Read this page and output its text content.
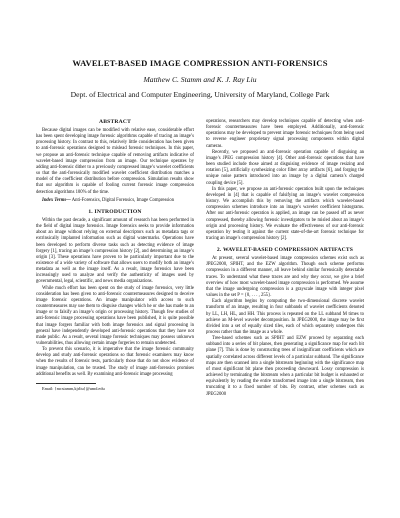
WAVELET-BASED IMAGE COMPRESSION ANTI-FORENSICS
Matthew C. Stamm and K. J. Ray Liu
Dept. of Electrical and Computer Engineering, University of Maryland, College Park
ABSTRACT

Because digital images can be modified with relative ease, considerable effort has been spent developing image forensic algorithms capable of tracing an image’s processing history. In contrast to this, relatively little consideration has been given to anti-forensic operations designed to mislead forensic techniques. In this paper, we propose an anti-forensic technique capable of removing artifacts indicative of wavelet-based image compression from an image. Our technique operates by adding anti-forensic dither to a previously compressed image’s wavelet coefficients so that the anti-forensically modified wavelet coefficient distribution matches a model of the coefficient distribution before compression. Simulation results show that our algorithm is capable of fooling current forensic image compression detection algorithms 100% of the time.

Index Terms— Anti-Forensics, Digital Forensics, Image Compression

1. INTRODUCTION

Within the past decade, a significant amount of research has been performed in the field of digital image forensics. Image forensics seeks to provide information about an image without relying on external descriptors such as metadata tags or extrinsically implanted information such as digital watermarks. Operations have been developed to perform diverse tasks such as detecting evidence of image forgery [1], tracing an image’s compression history [2], and determining an image’s origin [3]. These operations have proven to be particularly important due to the existence of a wide variety of software that allows users to modify both an image’s metadata as well as the image itself. As a result, image forensics have been increasingly used to analyze and verify the authenticity of images used by governmental, legal, scientific, and news media organizations.

While much effort has been spent on the study of image forensics, very little consideration has been given to anti-forensic countermeasures designed to deceive image forensic operations. An image manipulator with access to such countermeasures may use them to disguise changes which he or she has made to an image or to falsify an image’s origin or processing history. Though few studies of anti-forensic image processing operations have been published, it is quite possible that image forgers familiar with both image forensics and signal processing in general have independently developed anti-forensic operations that they have not made public. As a result, several image forensic techniques may possess unknown vulnerabilities, thus allowing certain image forgeries to remain undetected.

To prevent this scenario, it is imperative that the image forensic community develop and study anti-forensic operations so that forensic examiners may know when the results of forensic tests, particularly those that do not show evidence of image manipulation, can be trusted. The study of image anti-forensics promises additional benefits as well. By examining anti-forensic image processing

Email: {mcstamm,kjrliu}@umd.edu

operations, researchers may develop techniques capable of detecting when anti-forensic countermeasures have been employed. Additionally, anti-forensic operations may be developed to prevent image forensic techniques from being used to reverse engineer proprietary signal processing components within digital cameras.

Recently, we proposed an anti-forensic operation capable of disguising an image’s JPEG compression history [4]. Other anti-forensic operations that have been studied include those aimed at disguising evidence of image resizing and rotation [5], artificially synthesizing color filter array artifacts [6], and forging the unique noise pattern introduced into an image by a digital camera’s charged coupling device [5].

In this paper, we propose an anti-forensic operation built upon the techniques developed in [4] that is capable of falsifying an image’s wavelet compression history. We accomplish this by removing the artifacts which wavelet-based compression schemes introduce into an image’s wavelet coefficient histograms. After our anti-forensic operation is applied, an image can be passed off as never compressed, thereby allowing forensic investigators to be misled about an image’s origin and processing history. We evaluate the effectiveness of our anti-forensic operation by testing it against the current state-of-the-art forensic technique for tracing an image’s compression history [2].

2. WAVELET-BASED COMPRESSION ARTIFACTS

At present, several wavelet-based image compression schemes exist such as JPEG2000, SPIHT, and the EZW algorithm. Though each scheme performs compression in a different manner, all leave behind similar forensically detectable traces. To understand what these traces are and why they occur, we give a brief overview of how most wavelet-based image compression is performed. We assume that the image undergoing compression is a grayscale image with integer pixel values in the set P = {0, . . . , 255}.

Each algorithm begins by computing the two-dimensional discrete wavelet transform of an image, resulting in four subbands of wavelet coefficients denoted by LL, LH, HL, and HH. This process is repeated on the LL subband M times to achieve an M-level wavelet decomposition. In JPEG2000, the image may be first divided into a set of equally sized tiles, each of which separately undergoes this process rather than the image as a whole.

Tree-based schemes such as SPIHT and EZW proceed by separating each subband into a series of bit planes, then generating a significance map for each bit plane [7]. This is done by constructing trees of insignificant coefficients which are spatially correlated across different levels of a particular subband. The significance maps are then scanned into a single bitstream beginning with the significance map of most significant bit plane then proceeding downward. Lossy compression is achieved by terminating the bitstream when a particular bit budget is exhausted or equivalently by reading the entire transformed image into a single bitstream, then truncating it to a fixed number of bits. By contrast, other schemes such as JPEG2000
